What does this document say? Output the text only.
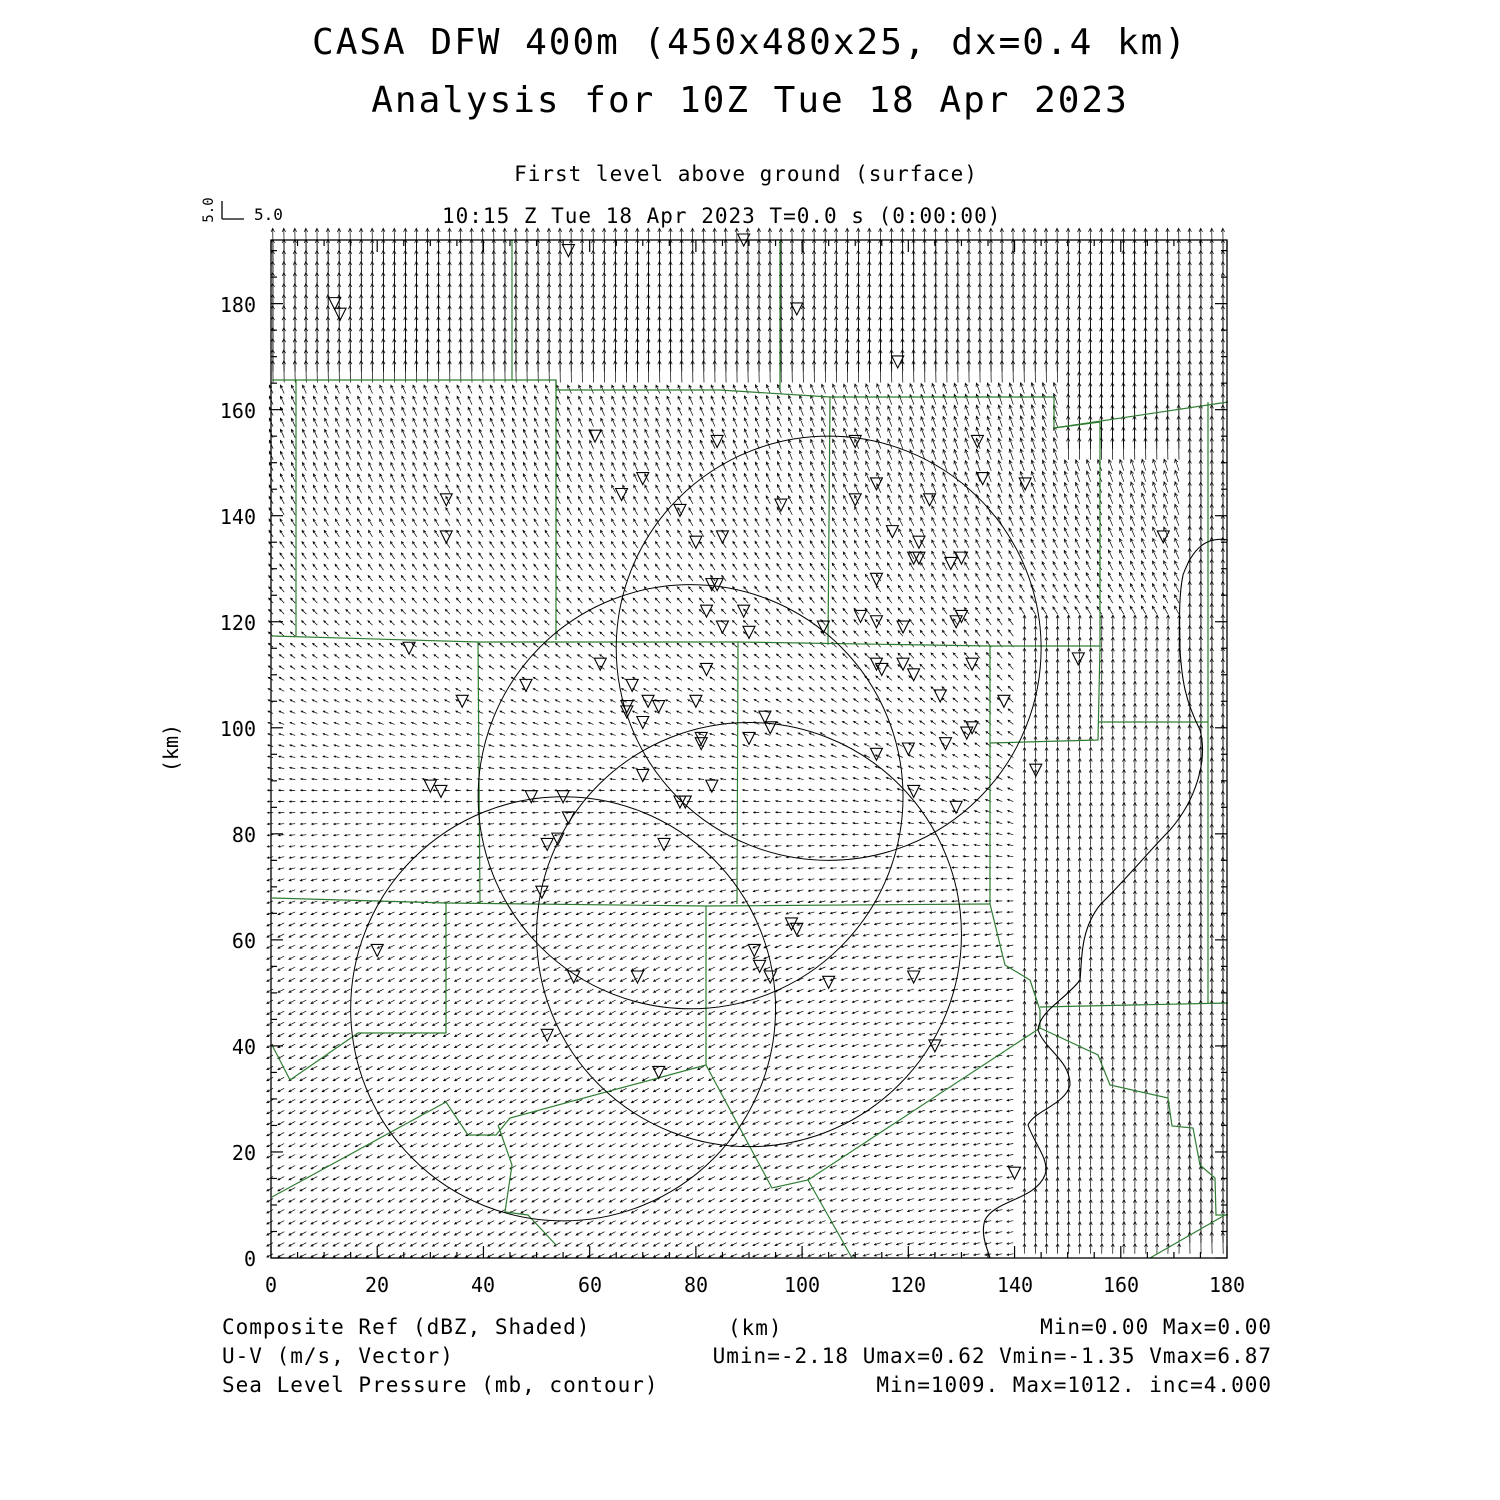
CASA DFW 400m (450x480x25, dx=0.4 km)
Analysis for 10Z Tue 18 Apr 2023
First level above ground (surface)
10:15 Z Tue 18 Apr 2023 T=0.0 s (0:00:00)
5.0 5.0
0	20	40	60	80	100	120	140	160	180
0
20
40
60
80
100
120
140
160
180
(km)
(km)
Composite Ref (dBZ, Shaded)
U-V (m/s, Vector)
Sea Level Pressure (mb, contour)
Min=0.00 Max=0.00
Umin=-2.18 Umax=0.62 Vmin=-1.35 Vmax=6.87
Min=1009. Max=1012. inc=4.000
